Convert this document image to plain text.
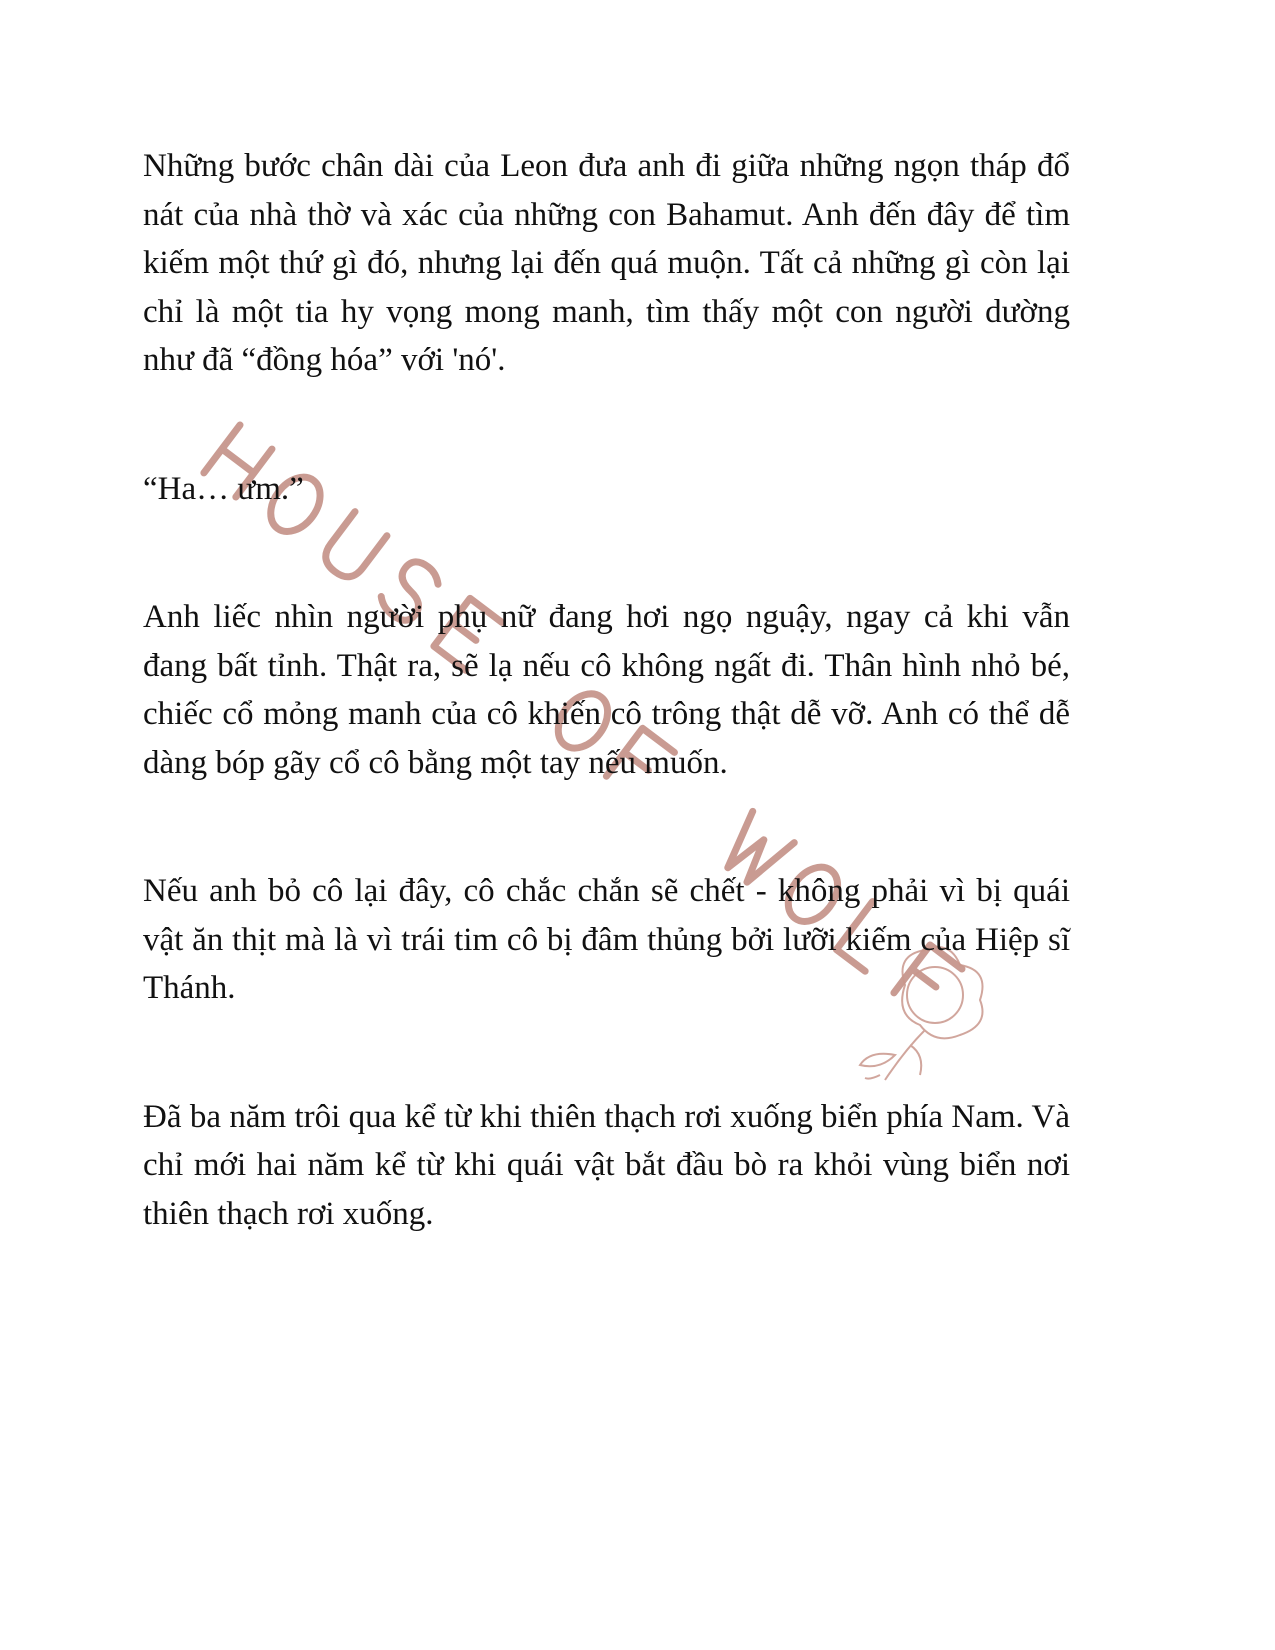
Những bước chân dài của Leon đưa anh đi giữa những ngọn tháp đổ nát của nhà thờ và xác của những con Bahamut. Anh đến đây để tìm kiếm một thứ gì đó, nhưng lại đến quá muộn. Tất cả những gì còn lại chỉ là một tia hy vọng mong manh, tìm thấy một con người dường như đã “đồng hóa” với 'nó'.

“Ha… ưm.”

Anh liếc nhìn người phụ nữ đang hơi ngọ nguậy, ngay cả khi vẫn đang bất tỉnh. Thật ra, sẽ lạ nếu cô không ngất đi. Thân hình nhỏ bé, chiếc cổ mỏng manh của cô khiến cô trông thật dễ vỡ. Anh có thể dễ dàng bóp gãy cổ cô bằng một tay nếu muốn.

Nếu anh bỏ cô lại đây, cô chắc chắn sẽ chết - không phải vì bị quái vật ăn thịt mà là vì trái tim cô bị đâm thủng bởi lưỡi kiếm của Hiệp sĩ Thánh.

Đã ba năm trôi qua kể từ khi thiên thạch rơi xuống biển phía Nam. Và chỉ mới hai năm kể từ khi quái vật bắt đầu bò ra khỏi vùng biển nơi thiên thạch rơi xuống.
